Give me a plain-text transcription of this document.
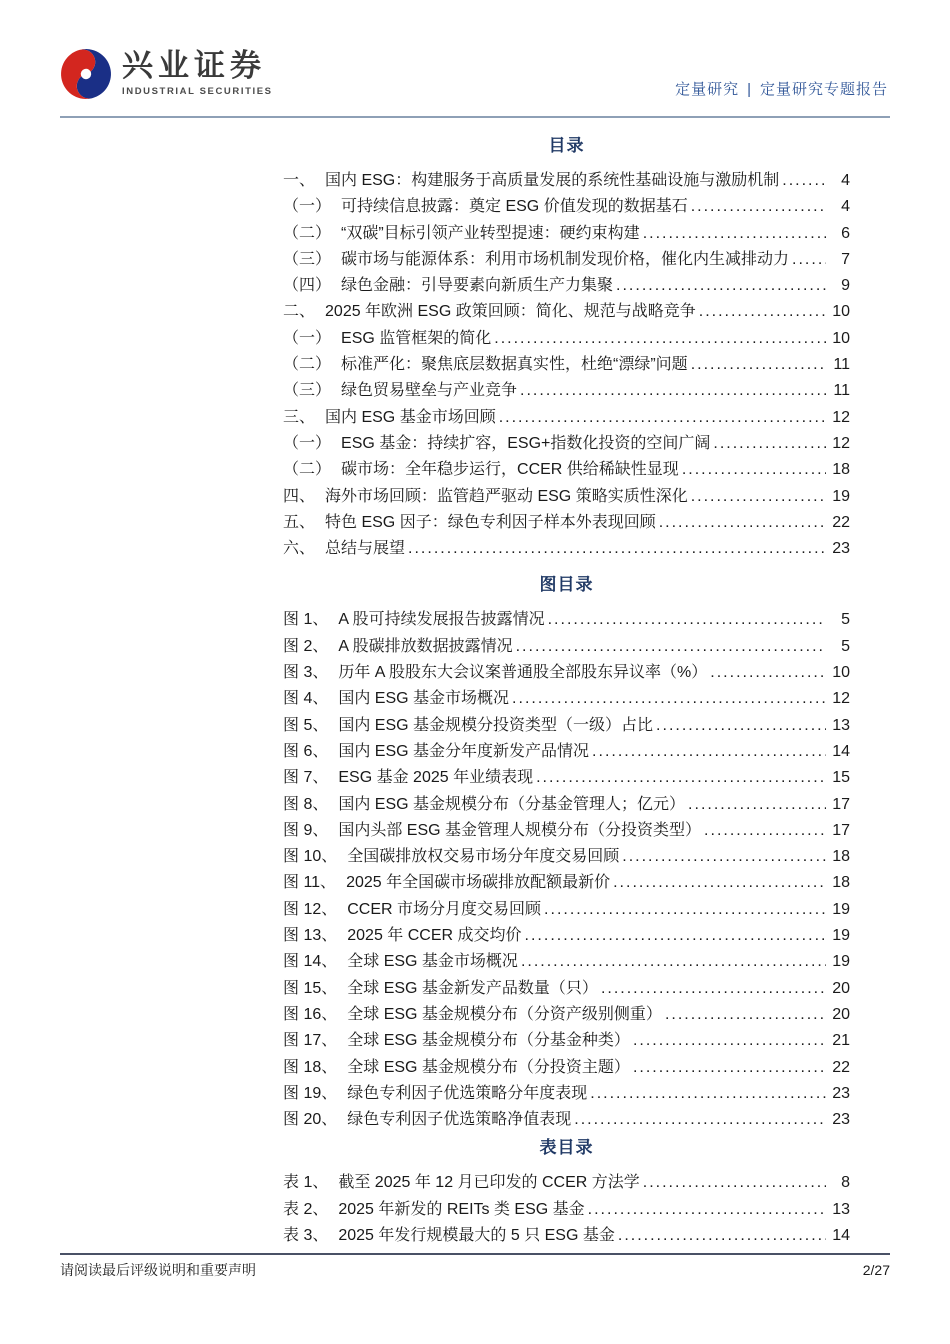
兴业证券
INDUSTRIAL SECURITIES	定量研究 | 定量研究专题报告
目录
一、 国内 ESG：构建服务于高质量发展的系统性基础设施与激励机制 .....	4
（一） 可持续信息披露：奠定 ESG 价值发现的数据基石 .....	4
（二） “双碳”目标引领产业转型提速：硬约束构建 .....	6
（三） 碳市场与能源体系：利用市场机制发现价格，催化内生减排动力 .....	7
（四） 绿色金融：引导要素向新质生产力集聚 .....	9
二、 2025 年欧洲 ESG 政策回顾：简化、规范与战略竞争 .....	10
（一） ESG 监管框架的简化 .....	10
（二） 标准严化：聚焦底层数据真实性，杜绝“漂绿”问题 .....	11
（三） 绿色贸易壁垒与产业竞争 .....	11
三、 国内 ESG 基金市场回顾 .....	12
（一） ESG 基金：持续扩容，ESG+指数化投资的空间广阔 .....	12
（二） 碳市场：全年稳步运行，CCER 供给稀缺性显现 .....	18
四、 海外市场回顾：监管趋严驱动 ESG 策略实质性深化 .....	19
五、 特色 ESG 因子：绿色专利因子样本外表现回顾 .....	22
六、 总结与展望 .....	23
图目录
图 1、 A 股可持续发展报告披露情况 .....	5
图 2、 A 股碳排放数据披露情况 .....	5
图 3、 历年 A 股股东大会议案普通股全部股东异议率（%） .....	10
图 4、 国内 ESG 基金市场概况 .....	12
图 5、 国内 ESG 基金规模分投资类型（一级）占比 .....	13
图 6、 国内 ESG 基金分年度新发产品情况 .....	14
图 7、 ESG 基金 2025 年业绩表现 .....	15
图 8、 国内 ESG 基金规模分布（分基金管理人；亿元） .....	17
图 9、 国内头部 ESG 基金管理人规模分布（分投资类型） .....	17
图 10、 全国碳排放权交易市场分年度交易回顾 .....	18
图 11、 2025 年全国碳市场碳排放配额最新价 .....	18
图 12、 CCER 市场分月度交易回顾 .....	19
图 13、 2025 年 CCER 成交均价 .....	19
图 14、 全球 ESG 基金市场概况 .....	19
图 15、 全球 ESG 基金新发产品数量（只） .....	20
图 16、 全球 ESG 基金规模分布（分资产级别侧重） .....	20
图 17、 全球 ESG 基金规模分布（分基金种类） .....	21
图 18、 全球 ESG 基金规模分布（分投资主题） .....	22
图 19、 绿色专利因子优选策略分年度表现 .....	23
图 20、 绿色专利因子优选策略净值表现 .....	23
表目录
表 1、 截至 2025 年 12 月已印发的 CCER 方法学 .....	8
表 2、 2025 年新发的 REITs 类 ESG 基金 .....	13
表 3、 2025 年发行规模最大的 5 只 ESG 基金 .....	14
请阅读最后评级说明和重要声明	2/27
